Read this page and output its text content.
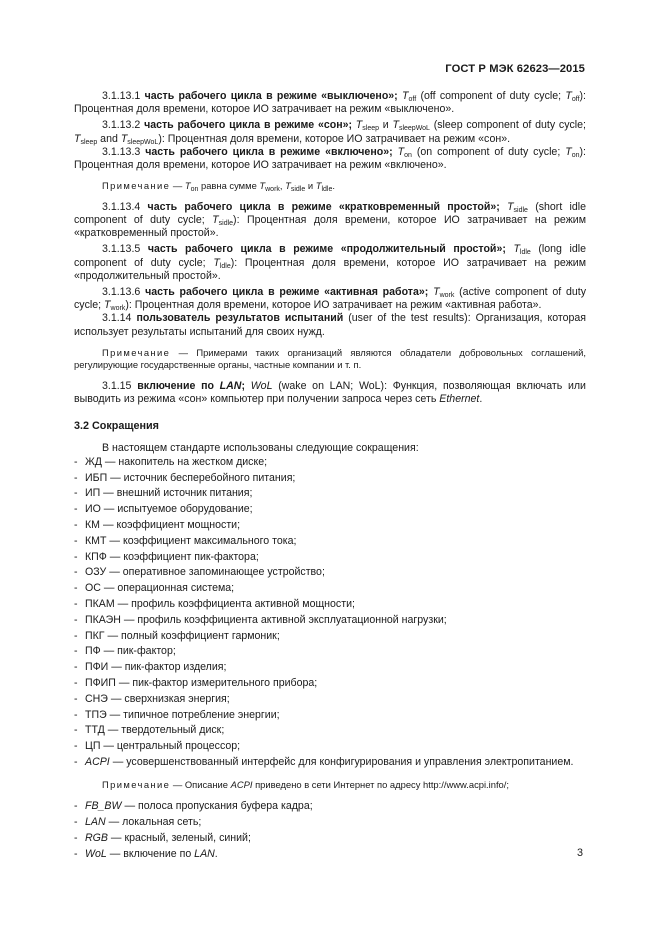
ГОСТ Р МЭК 62623—2015
3.1.13.1 часть рабочего цикла в режиме «выключено»; $T_{off}$ (off component of duty cycle; $T_{off}$): Процентная доля времени, которое ИО затрачивает на режим «выключено».
3.1.13.2 часть рабочего цикла в режиме «сон»; $T_{sleep}$ и $T_{sleepWoL}$ (sleep component of duty cycle; $T_{sleep}$ and $T_{sleepWoL}$): Процентная доля времени, которое ИО затрачивает на режим «сон».
3.1.13.3 часть рабочего цикла в режиме «включено»; $T_{on}$ (on component of duty cycle; $T_{on}$): Процентная доля времени, которое ИО затрачивает на режим «включено».
Примечание — $T_{on}$ равна сумме $T_{work}$, $T_{sidle}$ и $T_{ldle}$.
3.1.13.4 часть рабочего цикла в режиме «кратковременный простой»; $T_{sidle}$ (short idle component of duty cycle; $T_{sidle}$): Процентная доля времени, которое ИО затрачивает на режим «кратковременный простой».
3.1.13.5 часть рабочего цикла в режиме «продолжительный простой»; $T_{ldle}$ (long idle component of duty cycle; $T_{ldle}$): Процентная доля времени, которое ИО затрачивает на режим «продолжительный простой».
3.1.13.6 часть рабочего цикла в режиме «активная работа»; $T_{work}$ (active component of duty cycle; $T_{work}$): Процентная доля времени, которое ИО затрачивает на режим «активная работа».
3.1.14 пользователь результатов испытаний (user of the test results): Организация, которая использует результаты испытаний для своих нужд.
Примечание — Примерами таких организаций являются обладатели добровольных соглашений, регулирующие государственные органы, частные компании и т. п.
3.1.15 включение по LAN; WoL (wake on LAN; WoL): Функция, позволяющая включать или выводить из режима «сон» компьютер при получении запроса через сеть Ethernet.
3.2 Сокращения
В настоящем стандарте использованы следующие сокращения:
- ЖД — накопитель на жестком диске;
- ИБП — источник бесперебойного питания;
- ИП — внешний источник питания;
- ИО — испытуемое оборудование;
- КМ — коэффициент мощности;
- КМТ — коэффициент максимального тока;
- КПФ — коэффициент пик-фактора;
- ОЗУ — оперативное запоминающее устройство;
- ОС — операционная система;
- ПКАМ — профиль коэффициента активной мощности;
- ПКАЭН — профиль коэффициента активной эксплуатационной нагрузки;
- ПКГ — полный коэффициент гармоник;
- ПФ — пик-фактор;
- ПФИ — пик-фактор изделия;
- ПФИП — пик-фактор измерительного прибора;
- СНЭ — сверхнизкая энергия;
- ТПЭ — типичное потребление энергии;
- ТТД — твердотельный диск;
- ЦП — центральный процессор;
- ACPI — усовершенствованный интерфейс для конфигурирования и управления электропитанием.
Примечание — Описание ACPI приведено в сети Интернет по адресу http://www.acpi.info/;
- FB_BW — полоса пропускания буфера кадра;
- LAN — локальная сеть;
- RGB — красный, зеленый, синий;
- WoL — включение по LAN.	3
